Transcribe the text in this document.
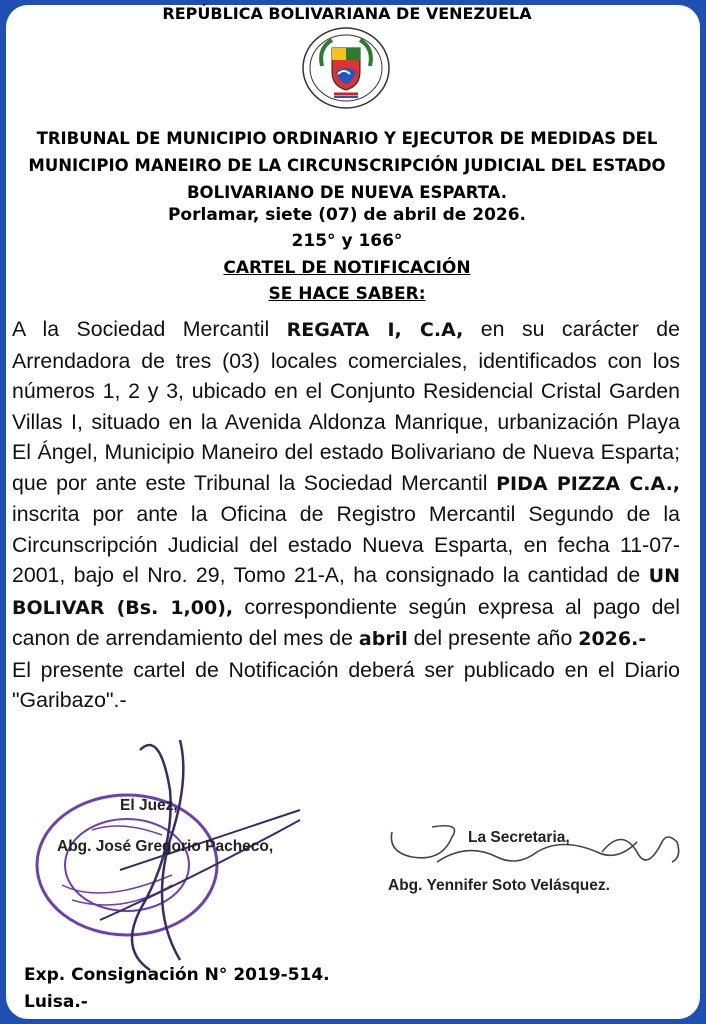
REPÚBLICA BOLIVARIANA DE VENEZUELA
TRIBUNAL DE MUNICIPIO ORDINARIO Y EJECUTOR DE MEDIDAS DEL
MUNICIPIO MANEIRO DE LA CIRCUNSCRIPCIÓN JUDICIAL DEL ESTADO
BOLIVARIANO DE NUEVA ESPARTA.
Porlamar, siete (07) de abril de 2026.
215° y 166°
CARTEL DE NOTIFICACIÓN
SE HACE SABER:

A la Sociedad Mercantil REGATA I, C.A, en su carácter de Arrendadora de tres (03) locales comerciales, identificados con los números 1, 2 y 3, ubicado en el Conjunto Residencial Cristal Garden Villas I, situado en la Avenida Aldonza Manrique, urbanización Playa El Ángel, Municipio Maneiro del estado Bolivariano de Nueva Esparta; que por ante este Tribunal la Sociedad Mercantil PIDA PIZZA C.A., inscrita por ante la Oficina de Registro Mercantil Segundo de la Circunscripción Judicial del estado Nueva Esparta, en fecha 11-07-2001, bajo el Nro. 29, Tomo 21-A, ha consignado la cantidad de UN BOLIVAR (Bs. 1,00), correspondiente según expresa al pago del canon de arrendamiento del mes de abril del presente año 2026.-

El presente cartel de Notificación deberá ser publicado en el Diario "Garibazo".-

El Juez,
Abg. José Gregorio Pacheco,
La Secretaria,
Abg. Yennifer Soto Velásquez.
Exp. Consignación N° 2019-514.
Luisa.-
